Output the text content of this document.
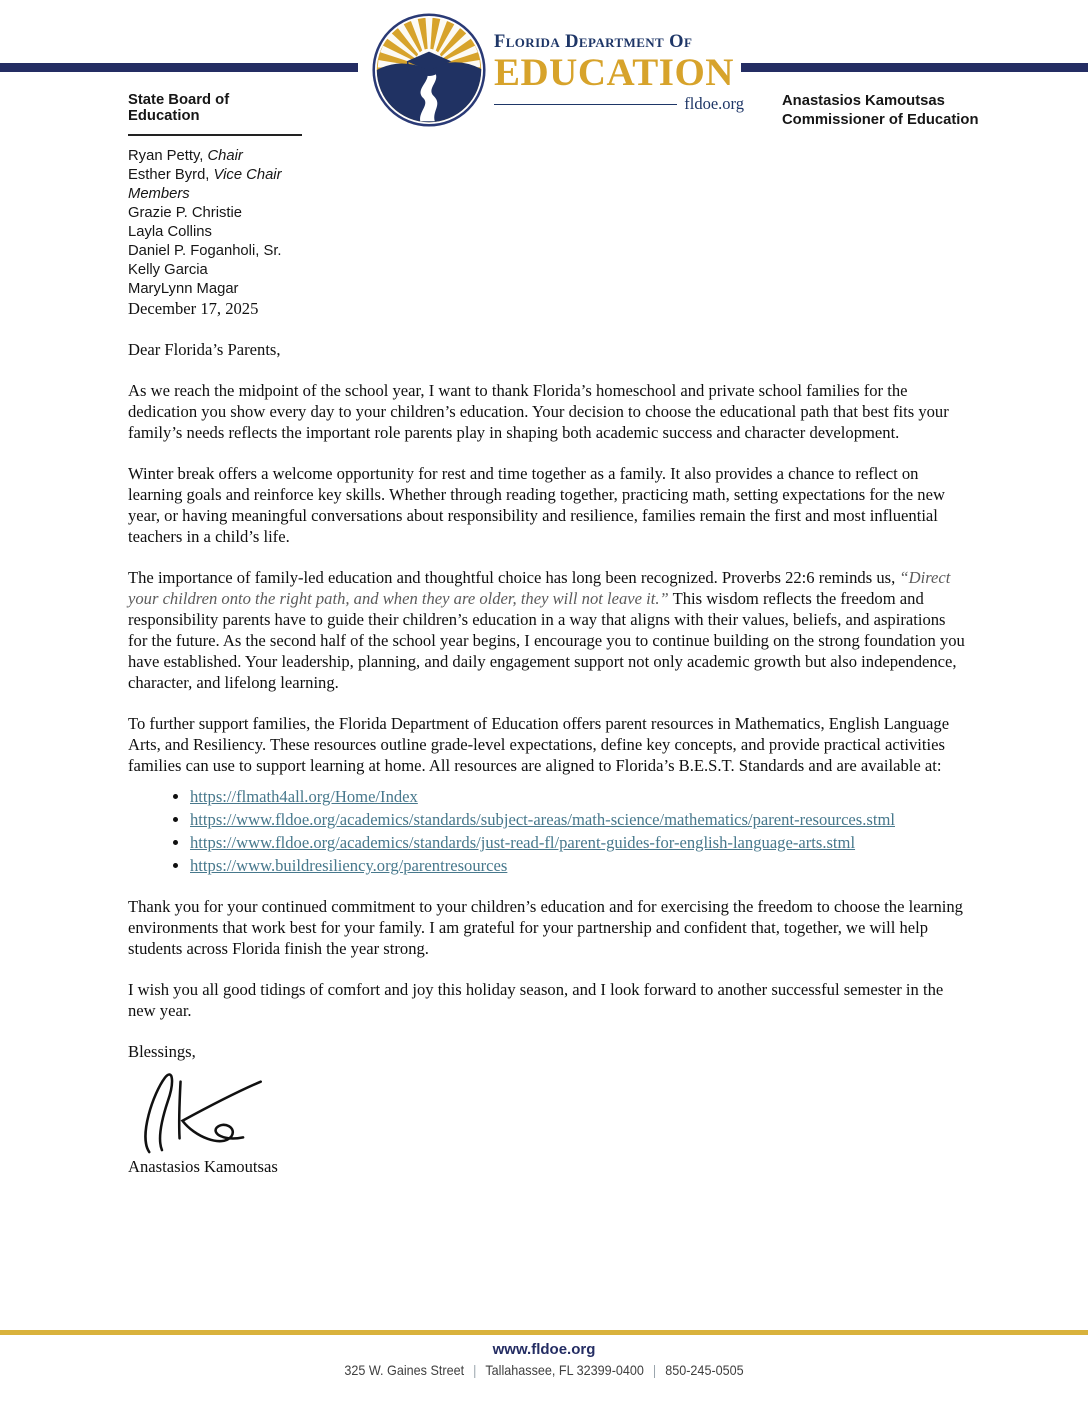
Florida Department Of
EDUCATION
fldoe.org
State Board of Education
Ryan Petty, Chair
Esther Byrd, Vice Chair
Members
Grazie P. Christie
Layla Collins
Daniel P. Foganholi, Sr.
Kelly Garcia
MaryLynn Magar
Anastasios Kamoutsas
Commissioner of Education

December 17, 2025

Dear Florida’s Parents,

As we reach the midpoint of the school year, I want to thank Florida’s homeschool and private school families for the dedication you show every day to your children’s education. Your decision to choose the educational path that best fits your family’s needs reflects the important role parents play in shaping both academic success and character development.

Winter break offers a welcome opportunity for rest and time together as a family. It also provides a chance to reflect on learning goals and reinforce key skills. Whether through reading together, practicing math, setting expectations for the new year, or having meaningful conversations about responsibility and resilience, families remain the first and most influential teachers in a child’s life.

The importance of family-led education and thoughtful choice has long been recognized. Proverbs 22:6 reminds us, “Direct your children onto the right path, and when they are older, they will not leave it.” This wisdom reflects the freedom and responsibility parents have to guide their children’s education in a way that aligns with their values, beliefs, and aspirations for the future. As the second half of the school year begins, I encourage you to continue building on the strong foundation you have established. Your leadership, planning, and daily engagement support not only academic growth but also independence, character, and lifelong learning.

To further support families, the Florida Department of Education offers parent resources in Mathematics, English Language Arts, and Resiliency. These resources outline grade-level expectations, define key concepts, and provide practical activities families can use to support learning at home. All resources are aligned to Florida’s B.E.S.T. Standards and are available at:

• https://flmath4all.org/Home/Index
• https://www.fldoe.org/academics/standards/subject-areas/math-science/mathematics/parent-resources.stml
• https://www.fldoe.org/academics/standards/just-read-fl/parent-guides-for-english-language-arts.stml
• https://www.buildresiliency.org/parentresources

Thank you for your continued commitment to your children’s education and for exercising the freedom to choose the learning environments that work best for your family. I am grateful for your partnership and confident that, together, we will help students across Florida finish the year strong.

I wish you all good tidings of comfort and joy this holiday season, and I look forward to another successful semester in the new year.

Blessings,

Anastasios Kamoutsas

www.fldoe.org
325 W. Gaines Street | Tallahassee, FL 32399-0400 | 850-245-0505
